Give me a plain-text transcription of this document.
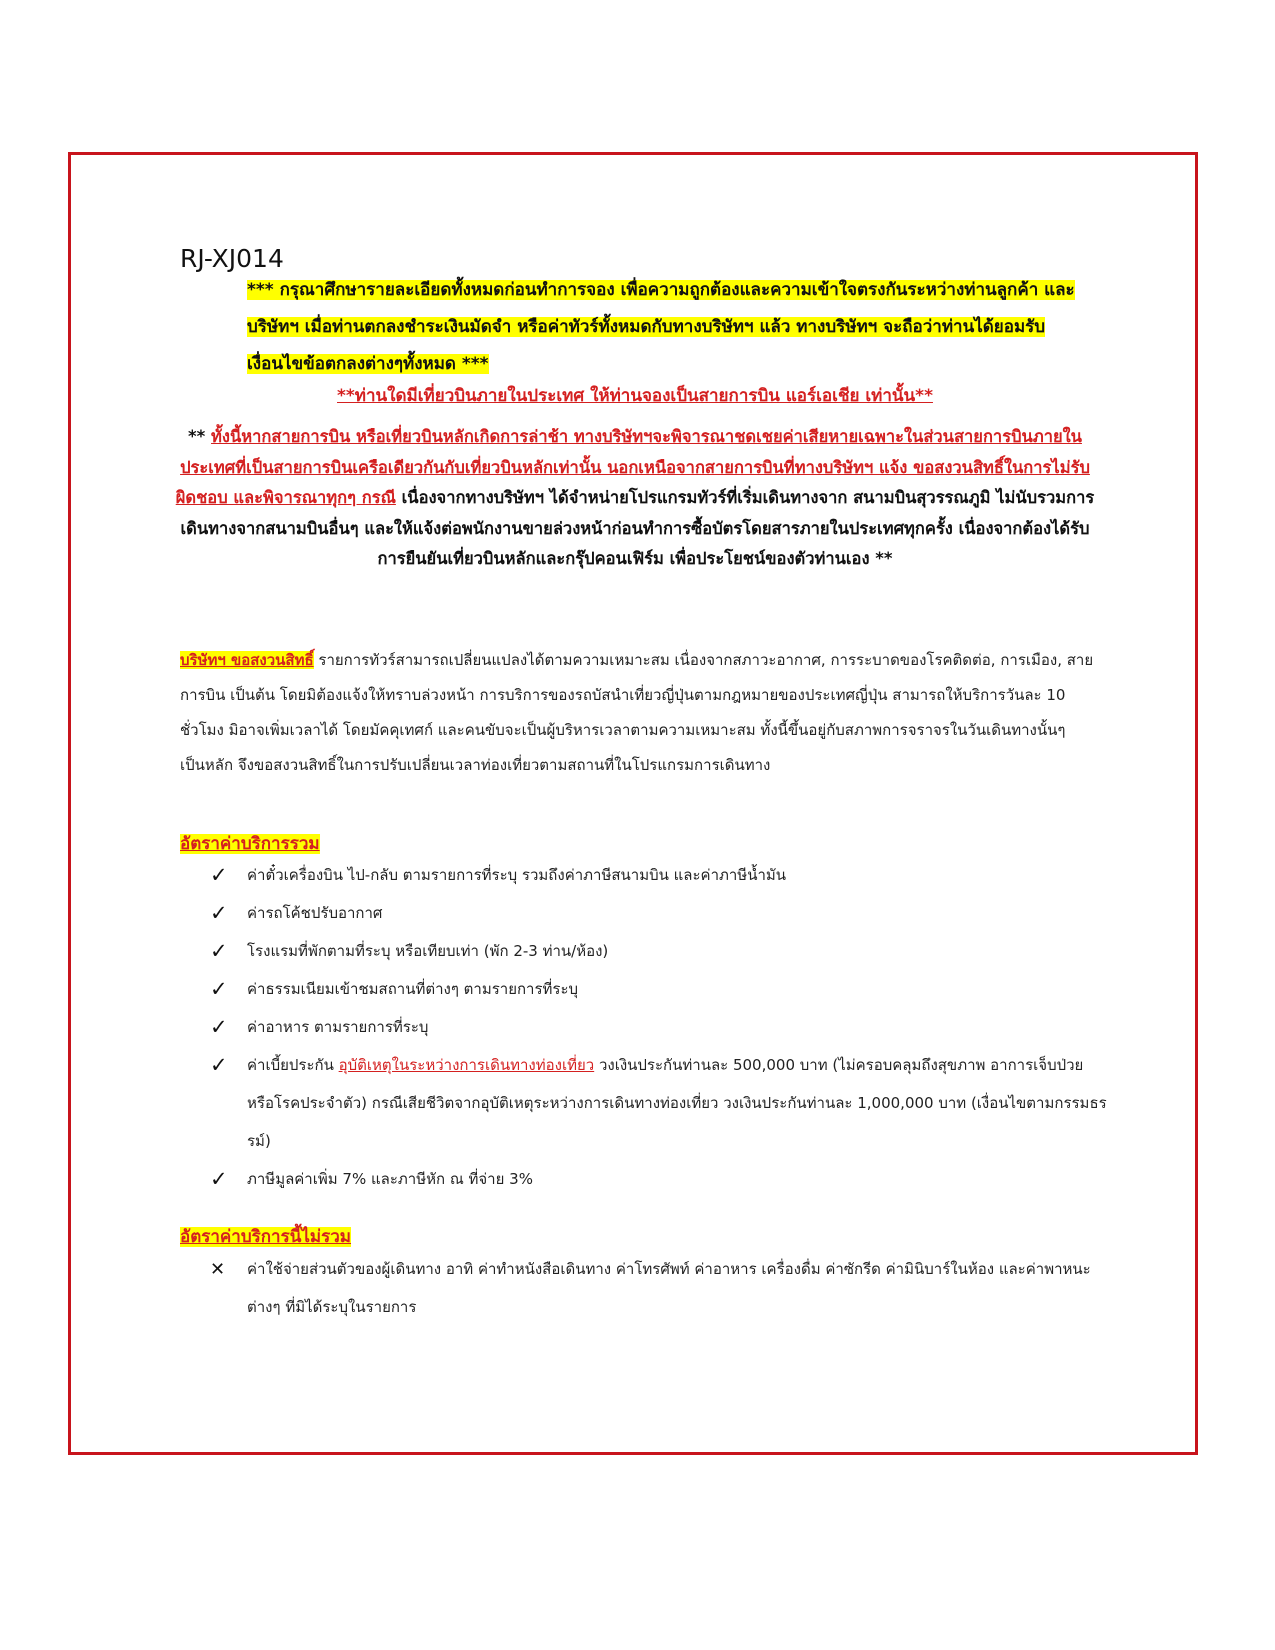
RJ-XJ014
*** กรุณาศึกษารายละเอียดทั้งหมดก่อนทำการจอง เพื่อความถูกต้องและความเข้าใจตรงกันระหว่างท่านลูกค้า และบริษัทฯ เมื่อท่านตกลงชำระเงินมัดจำ หรือค่าทัวร์ทั้งหมดกับทางบริษัทฯ แล้ว ทางบริษัทฯ จะถือว่าท่านได้ยอมรับเงื่อนไขข้อตกลงต่างๆทั้งหมด ***
**ท่านใดมีเที่ยวบินภายในประเทศ ให้ท่านจองเป็นสายการบิน แอร์เอเชีย เท่านั้น**
** ทั้งนี้หากสายการบิน หรือเที่ยวบินหลักเกิดการล่าช้า ทางบริษัทฯจะพิจารณาชดเชยค่าเสียหายเฉพาะในส่วนสายการบินภายในประเทศที่เป็นสายการบินเครือเดียวกันกับเที่ยวบินหลักเท่านั้น นอกเหนือจากสายการบินที่ทางบริษัทฯ แจ้ง ขอสงวนสิทธิ์ในการไม่รับผิดชอบ และพิจารณาทุกๆ กรณี เนื่องจากทางบริษัทฯ ได้จำหน่ายโปรแกรมทัวร์ที่เริ่มเดินทางจาก สนามบินสุวรรณภูมิ ไม่นับรวมการเดินทางจากสนามบินอื่นๆ และให้แจ้งต่อพนักงานขายล่วงหน้าก่อนทำการซื้อบัตรโดยสารภายในประเทศทุกครั้ง เนื่องจากต้องได้รับการยืนยันเที่ยวบินหลักและกรุ๊ปคอนเฟิร์ม เพื่อประโยชน์ของตัวท่านเอง **
บริษัทฯ ขอสงวนสิทธิ์ รายการทัวร์สามารถเปลี่ยนแปลงได้ตามความเหมาะสม เนื่องจากสภาวะอากาศ, การระบาดของโรคติดต่อ, การเมือง, สายการบิน เป็นต้น โดยมิต้องแจ้งให้ทราบล่วงหน้า การบริการของรถบัสนำเที่ยวญี่ปุ่นตามกฎหมายของประเทศญี่ปุ่น สามารถให้บริการวันละ 10 ชั่วโมง มิอาจเพิ่มเวลาได้ โดยมัคคุเทศก์ และคนขับจะเป็นผู้บริหารเวลาตามความเหมาะสม ทั้งนี้ขึ้นอยู่กับสภาพการจราจรในวันเดินทางนั้นๆ เป็นหลัก จึงขอสงวนสิทธิ์ในการปรับเปลี่ยนเวลาท่องเที่ยวตามสถานที่ในโปรแกรมการเดินทาง
อัตราค่าบริการรวม
✓ ค่าตั๋วเครื่องบิน ไป-กลับ ตามรายการที่ระบุ รวมถึงค่าภาษีสนามบิน และค่าภาษีน้ำมัน
✓ ค่ารถโค้ชปรับอากาศ
✓ โรงแรมที่พักตามที่ระบุ หรือเทียบเท่า (พัก 2-3 ท่าน/ห้อง)
✓ ค่าธรรมเนียมเข้าชมสถานที่ต่างๆ ตามรายการที่ระบุ
✓ ค่าอาหาร ตามรายการที่ระบุ
✓ ค่าเบี้ยประกัน อุบัติเหตุในระหว่างการเดินทางท่องเที่ยว วงเงินประกันท่านละ 500,000 บาท (ไม่ครอบคลุมถึงสุขภาพ อาการเจ็บป่วย หรือโรคประจำตัว) กรณีเสียชีวิตจากอุบัติเหตุระหว่างการเดินทางท่องเที่ยว วงเงินประกันท่านละ 1,000,000 บาท (เงื่อนไขตามกรรมธรรม์)
✓ ภาษีมูลค่าเพิ่ม 7% และภาษีหัก ณ ที่จ่าย 3%
อัตราค่าบริการนี้ไม่รวม
✕ ค่าใช้จ่ายส่วนตัวของผู้เดินทาง อาทิ ค่าทำหนังสือเดินทาง ค่าโทรศัพท์ ค่าอาหาร เครื่องดื่ม ค่าซักรีด ค่ามินิบาร์ในห้อง และค่าพาหนะต่างๆ ที่มิได้ระบุในรายการ
